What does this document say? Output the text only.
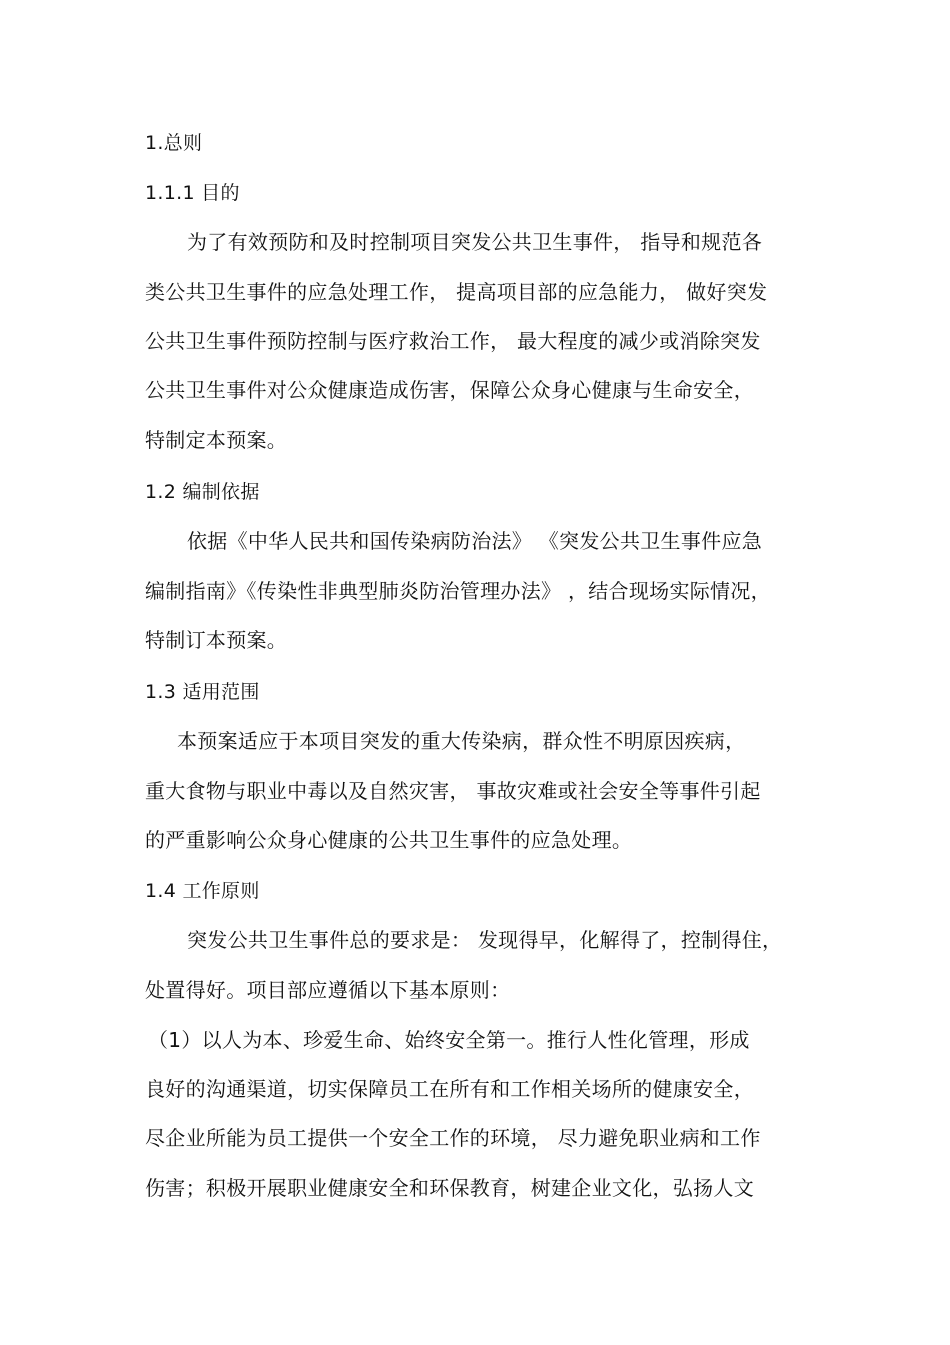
1.总则
1.1.1 目的
为了有效预防和及时控制项目突发公共卫生事件， 指导和规范各
类公共卫生事件的应急处理工作， 提高项目部的应急能力， 做好突发
公共卫生事件预防控制与医疗救治工作， 最大程度的减少或消除突发
公共卫生事件对公众健康造成伤害，保障公众身心健康与生命安全，
特制定本预案。
1.2 编制依据
依据《中华人民共和国传染病防治法》 《突发公共卫生事件应急
编制指南》《传染性非典型肺炎防治管理办法》 ，结合现场实际情况，
特制订本预案。
1.3 适用范围
本预案适应于本项目突发的重大传染病，群众性不明原因疾病，
重大食物与职业中毒以及自然灾害， 事故灾难或社会安全等事件引起
的严重影响公众身心健康的公共卫生事件的应急处理。
1.4 工作原则
突发公共卫生事件总的要求是： 发现得早，化解得了，控制得住，
处置得好。项目部应遵循以下基本原则：
（1）以人为本、珍爱生命、始终安全第一。推行人性化管理，形成
良好的沟通渠道，切实保障员工在所有和工作相关场所的健康安全，
尽企业所能为员工提供一个安全工作的环境， 尽力避免职业病和工作
伤害；积极开展职业健康安全和环保教育，树建企业文化，弘扬人文
